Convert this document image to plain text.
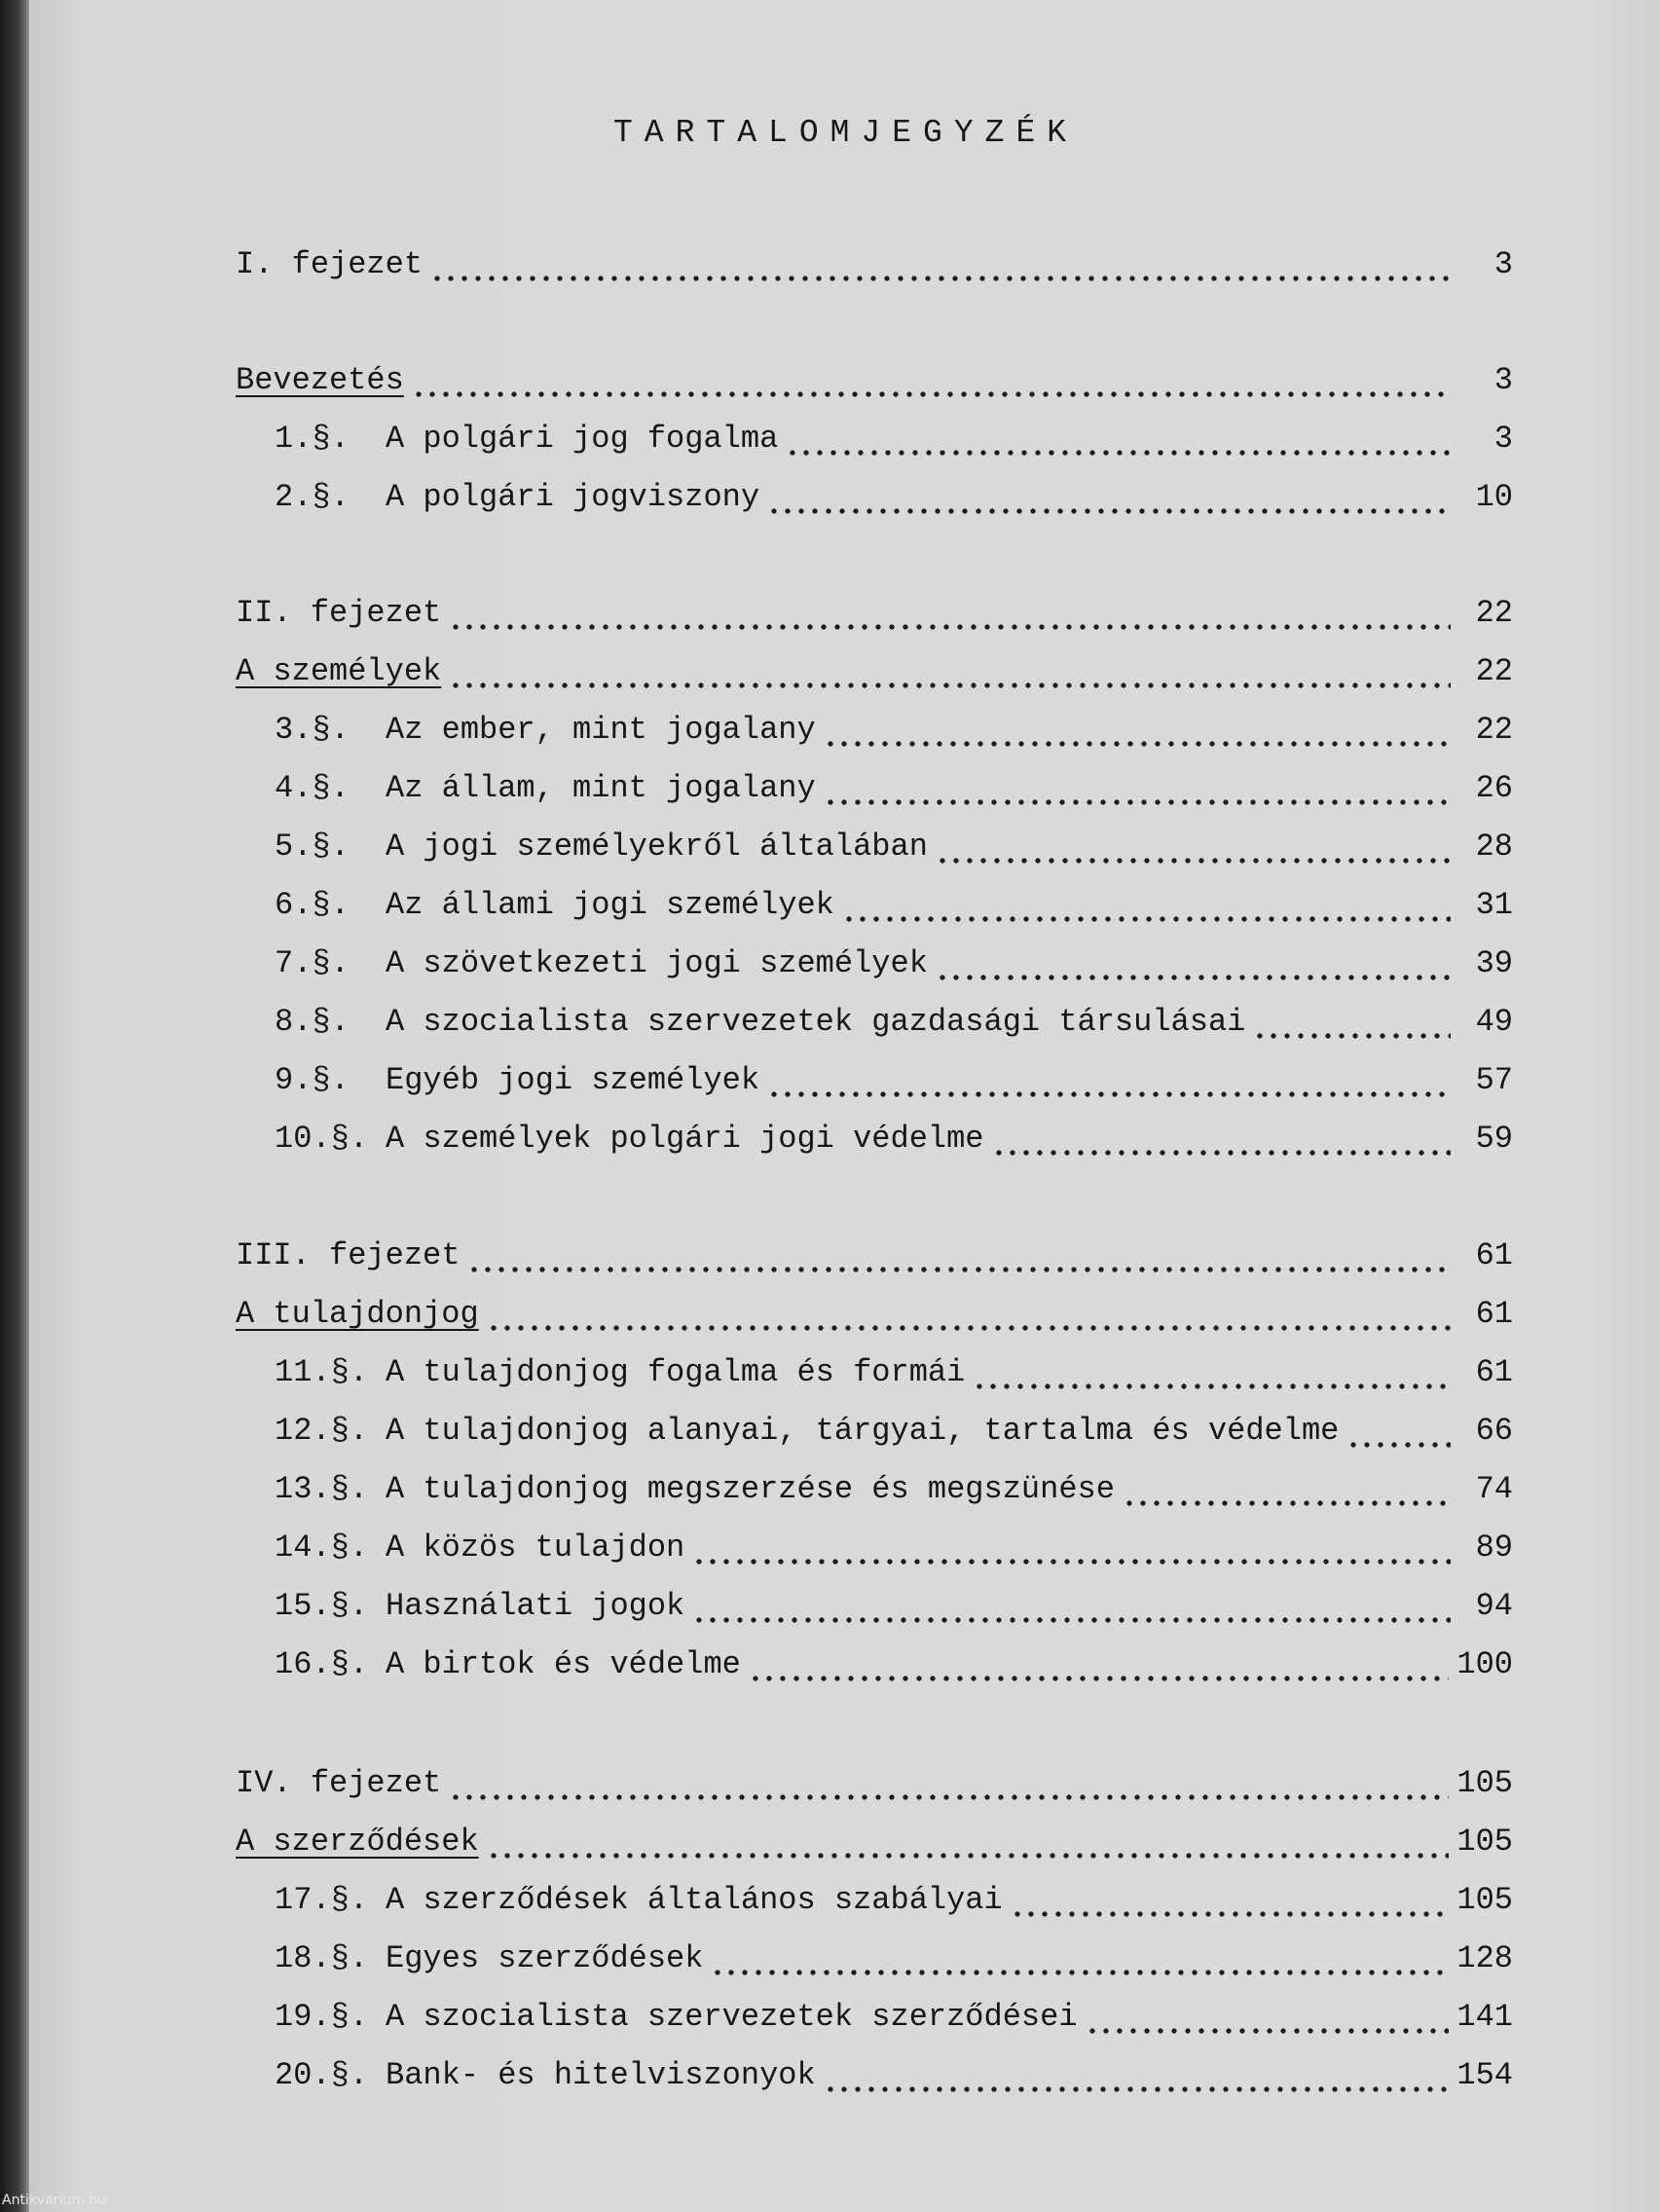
TARTALOMJEGYZÉK
I. fejezet	3
Bevezetés	3
1.§.	A polgári jog fogalma	3
2.§.	A polgári jogviszony	10
II. fejezet	22
A személyek	22
3.§.	Az ember, mint jogalany	22
4.§.	Az állam, mint jogalany	26
5.§.	A jogi személyekről általában	28
6.§.	Az állami jogi személyek	31
7.§.	A szövetkezeti jogi személyek	39
8.§.	A szocialista szervezetek gazdasági társulásai	49
9.§.	Egyéb jogi személyek	57
10.§. A személyek polgári jogi védelme	59
III. fejezet	61
A tulajdonjog	61
11.§. A tulajdonjog fogalma és formái	61
12.§. A tulajdonjog alanyai, tárgyai, tartalma és védelme	66
13.§. A tulajdonjog megszerzése és megszünése	74
14.§. A közös tulajdon	89
15.§. Használati jogok	94
16.§. A birtok és védelme	100
IV. fejezet	105
A szerződések	105
17.§. A szerződések általános szabályai	105
18.§. Egyes szerződések	128
19.§. A szocialista szervezetek szerződései	141
20.§. Bank- és hitelviszonyok	154
Antikvarium.hu
